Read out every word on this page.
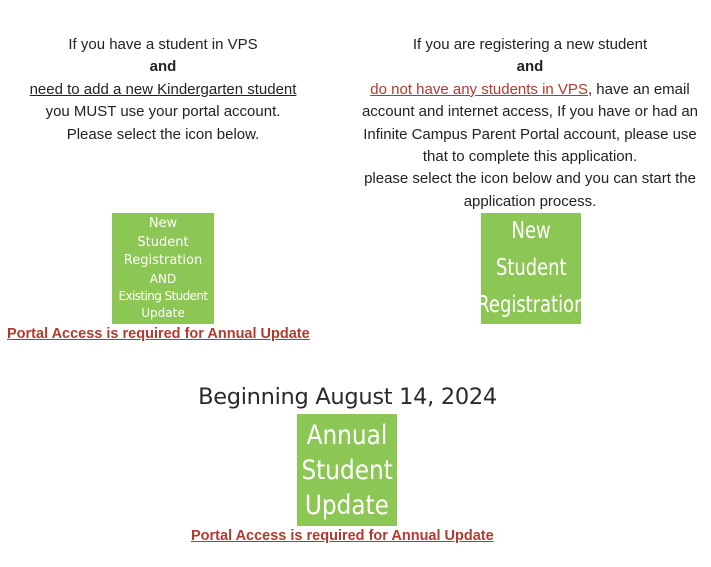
If you have a student in VPS
and
need to add a new Kindergarten student
you MUST use your portal account.
Please select the icon below.
If you are registering a new student
and
do not have any students in VPS, have an email
account and internet access, If you have or had an
Infinite Campus Parent Portal account, please use
that to complete this application.
please select the icon below and you can start the
application process.
New
Student
Registration
AND
Existing Student
Update
New
Student
Registration
Portal Access is required for Annual Update
Beginning August 14, 2024
Annual
Student
Update
Portal Access is required for Annual Update
